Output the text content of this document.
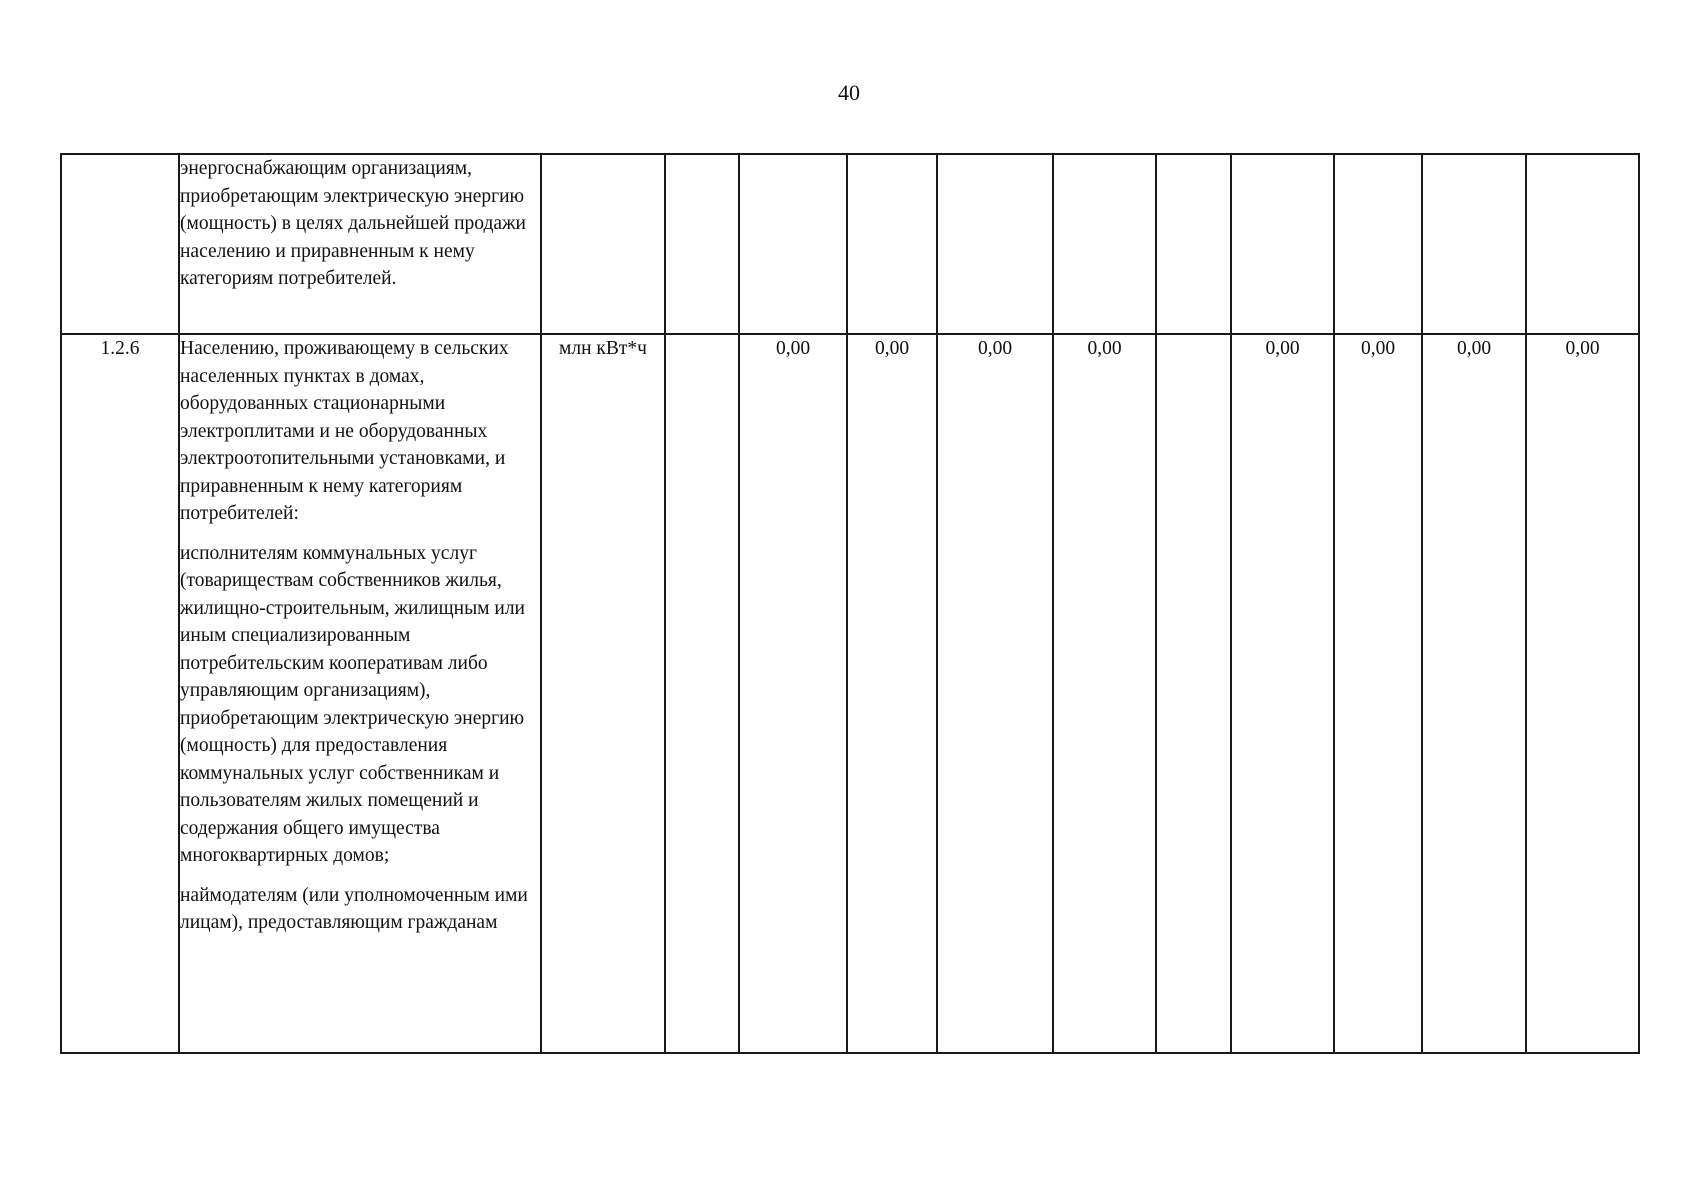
40

	энергоснабжающим организациям, приобретающим электрическую энергию (мощность) в целях дальнейшей продажи населению и приравненным к нему категориям потребителей.											

1.2.6	Населению, проживающему в сельских населенных пунктах в домах, оборудованных стационарными электроплитами и не оборудованных электроотопительными установками, и приравненным к нему категориям потребителей:

исполнителям коммунальных услуг (товариществам собственников жилья, жилищно-строительным, жилищным или иным специализированным потребительским кооперативам либо управляющим организациям), приобретающим электрическую энергию (мощность) для предоставления коммунальных услуг собственникам и пользователям жилых помещений и содержания общего имущества многоквартирных домов;

наймодателям (или уполномоченным ими лицам), предоставляющим гражданам	млн кВт*ч		0,00	0,00	0,00	0,00		0,00	0,00	0,00	0,00
